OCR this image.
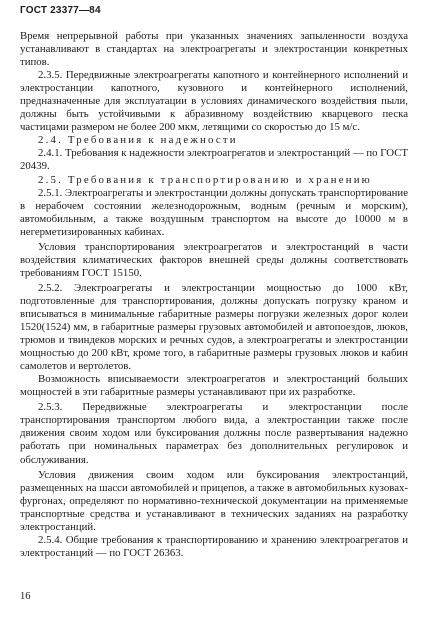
ГОСТ 23377—84

Время непрерывной работы при указанных значениях запыленности воздуха устанавливают в стандартах на электроагрегаты и электростанции конкретных типов.

2.3.5. Передвижные электроагрегаты капотного и контейнерного исполнений и электростанции капотного, кузовного и контейнерного исполнений, предназначенные для эксплуатации в условиях динамического воздействия пыли, должны быть устойчивыми к абразивному воздействию кварцевого песка частицами размером не более 200 мкм, летящими со скоростью до 15 м/с.

2.4. Требования к надежности

2.4.1. Требования к надежности электроагрегатов и электростанций — по ГОСТ 20439.

2.5. Требования к транспортированию и хранению

2.5.1. Электроагрегаты и электростанции должны допускать транспортирование в нерабочем состоянии железнодорожным, водным (речным и морским), автомобильным, а также воздушным транспортом на высоте до 10000 м в негерметизированных кабинах.

Условия транспортирования электроагрегатов и электростанций в части воздействия климатических факторов внешней среды должны соответствовать требованиям ГОСТ 15150.

2.5.2. Электроагрегаты и электростанции мощностью до 1000 кВт, подготовленные для транспортирования, должны допускать погрузку краном и вписываться в минимальные габаритные размеры погрузки железных дорог колеи 1520(1524) мм, в габаритные размеры грузовых автомобилей и автопоездов, люков, трюмов и твиндеков морских и речных судов, а электроагрегаты и электростанции мощностью до 200 кВт, кроме того, в габаритные размеры грузовых люков и кабин самолетов и вертолетов.

Возможность вписываемости электроагрегатов и электростанций больших мощностей в эти габаритные размеры устанавливают при их разработке.

2.5.3. Передвижные электроагрегаты и электростанции после транспортирования транспортом любого вида, а электростанции также после движения своим ходом или буксирования должны после развертывания надежно работать при номинальных параметрах без дополнительных регулировок и обслуживания.

Условия движения своим ходом или буксирования электростанций, размещенных на шасси автомобилей и прицепов, а также в автомобильных кузовах-фургонах, определяют по нормативно-технической документации на применяемые транспортные средства и устанавливают в технических заданиях на разработку электростанций.

2.5.4. Общие требования к транспортированию и хранению электроагрегатов и электростанций — по ГОСТ 26363.

16
